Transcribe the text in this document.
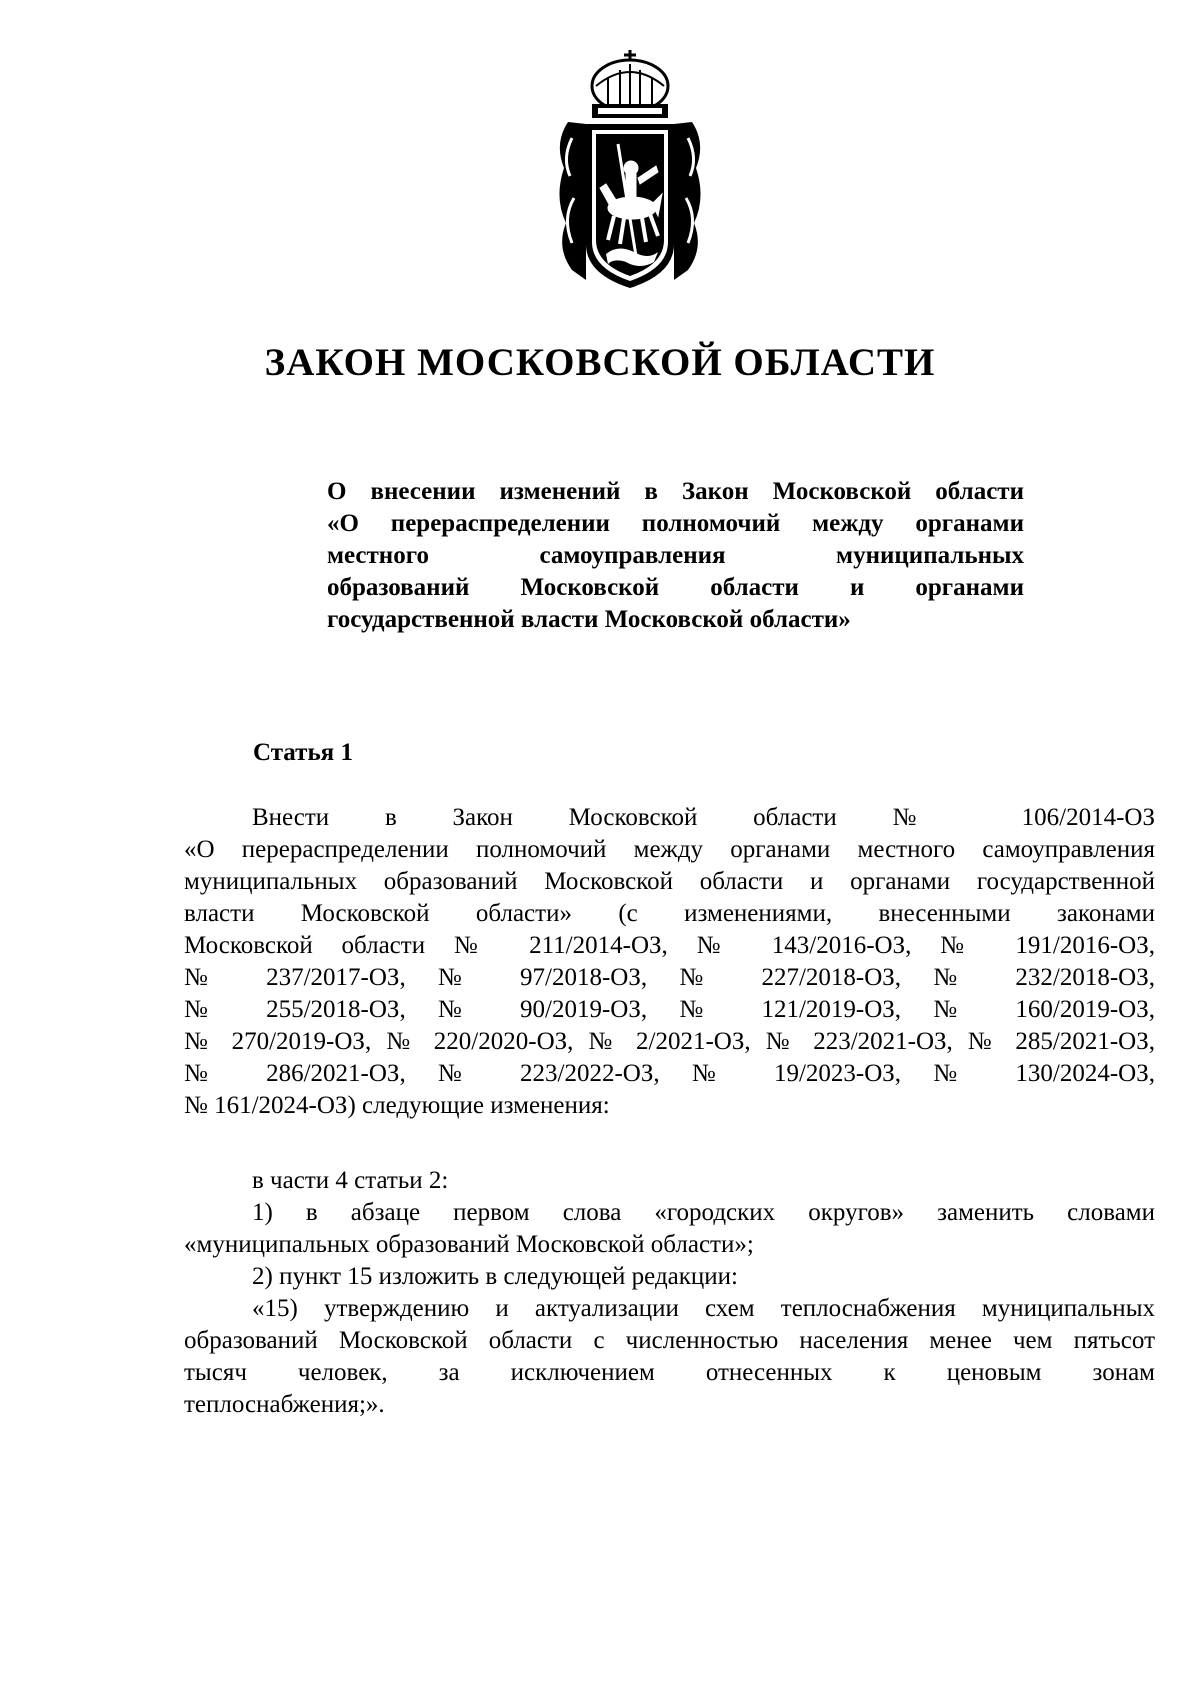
ЗАКОН МОСКОВСКОЙ ОБЛАСТИ
О внесении изменений в Закон Московской области
«О перераспределении полномочий между органами
местного самоуправления муниципальных
образований Московской области и органами
государственной власти Московской области»
Статья 1
Внести в Закон Московской области № 106/2014-ОЗ
«О перераспределении полномочий между органами местного самоуправления
муниципальных образований Московской области и органами государственной
власти Московской области» (с изменениями, внесенными законами
Московской области № 211/2014-ОЗ, № 143/2016-ОЗ, № 191/2016-ОЗ,
№ 237/2017-ОЗ, № 97/2018-ОЗ, № 227/2018-ОЗ, № 232/2018-ОЗ,
№ 255/2018-ОЗ, № 90/2019-ОЗ, № 121/2019-ОЗ, № 160/2019-ОЗ,
№ 270/2019-ОЗ, № 220/2020-ОЗ, № 2/2021-ОЗ, № 223/2021-ОЗ, № 285/2021-ОЗ,
№ 286/2021-ОЗ, № 223/2022-ОЗ, № 19/2023-ОЗ, № 130/2024-ОЗ,
№ 161/2024-ОЗ) следующие изменения:
в части 4 статьи 2:
1) в абзаце первом слова «городских округов» заменить словами
«муниципальных образований Московской области»;
2) пункт 15 изложить в следующей редакции:
«15) утверждению и актуализации схем теплоснабжения муниципальных
образований Московской области с численностью населения менее чем пятьсот
тысяч человек, за исключением отнесенных к ценовым зонам
теплоснабжения;».
